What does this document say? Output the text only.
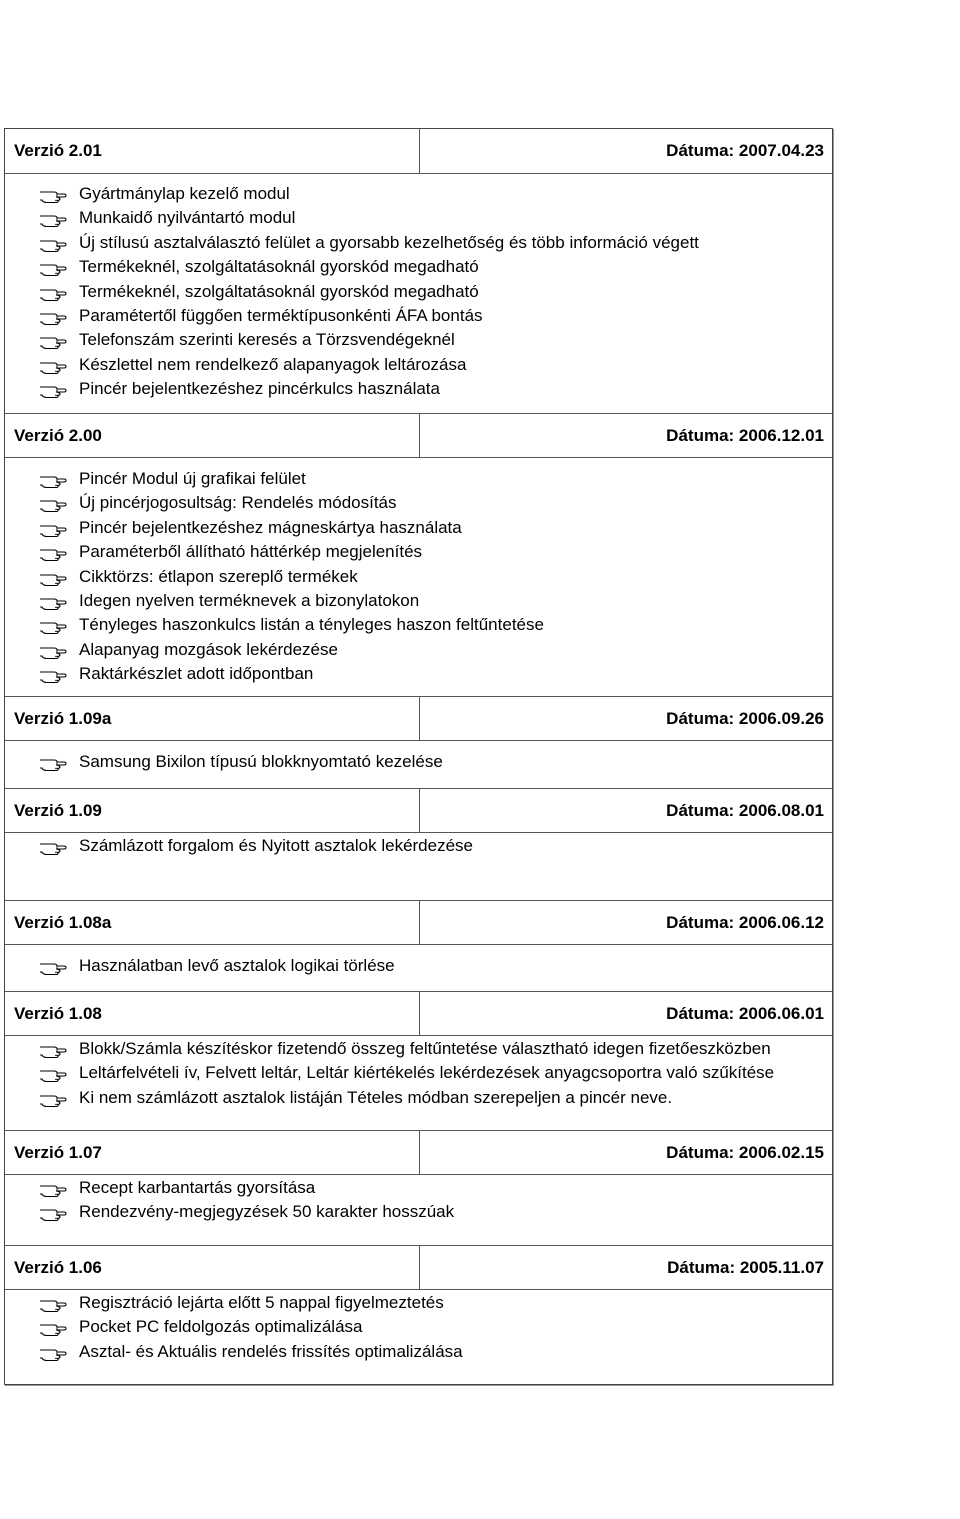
Verzió 2.01	Dátuma: 2007.04.23
Gyártmánylap kezelő modul
Munkaidő nyilvántartó modul
Új stílusú asztalválasztó felület a gyorsabb kezelhetőség és több információ végett
Termékeknél, szolgáltatásoknál gyorskód megadható
Termékeknél, szolgáltatásoknál gyorskód megadható
Paramétertől függően terméktípusonkénti ÁFA bontás
Telefonszám szerinti keresés a Törzsvendégeknél
Készlettel nem rendelkező alapanyagok leltározása
Pincér bejelentkezéshez pincérkulcs használata
Verzió 2.00	Dátuma: 2006.12.01
Pincér Modul új grafikai felület
Új pincérjogosultság: Rendelés módosítás
Pincér bejelentkezéshez mágneskártya használata
Paraméterből állítható háttérkép megjelenítés
Cikktörzs: étlapon szereplő termékek
Idegen nyelven terméknevek a bizonylatokon
Tényleges haszonkulcs listán a tényleges haszon feltűntetése
Alapanyag mozgások lekérdezése
Raktárkészlet adott időpontban
Verzió 1.09a	Dátuma: 2006.09.26
Samsung Bixilon típusú blokknyomtató kezelése
Verzió 1.09	Dátuma: 2006.08.01
Számlázott forgalom és Nyitott asztalok lekérdezése
Verzió 1.08a	Dátuma: 2006.06.12
Használatban levő asztalok logikai törlése
Verzió 1.08	Dátuma: 2006.06.01
Blokk/Számla készítéskor fizetendő összeg feltűntetése választható idegen fizetőeszközben
Leltárfelvételi ív, Felvett leltár, Leltár kiértékelés lekérdezések anyagcsoportra való szűkítése
Ki nem számlázott asztalok listáján Tételes módban szerepeljen a pincér neve.
Verzió 1.07	Dátuma: 2006.02.15
Recept karbantartás gyorsítása
Rendezvény-megjegyzések 50 karakter hosszúak
Verzió 1.06	Dátuma: 2005.11.07
Regisztráció lejárta előtt 5 nappal figyelmeztetés
Pocket PC feldolgozás optimalizálása
Asztal- és Aktuális rendelés frissítés optimalizálása
